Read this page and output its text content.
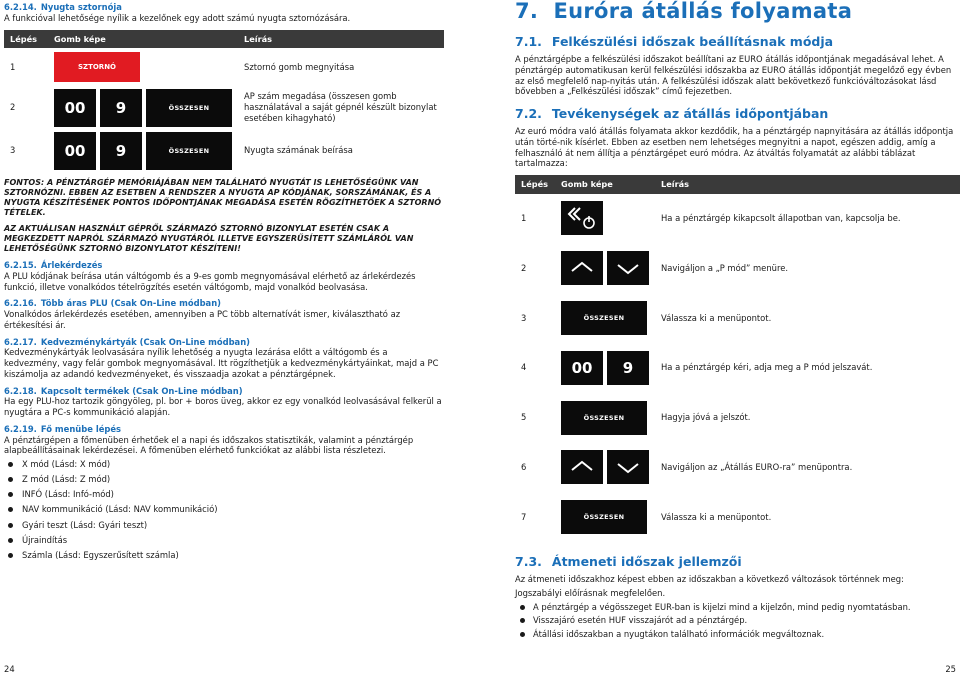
6.2.14. Nyugta sztornója

A funkcióval lehetősége nyílik a kezelőnek egy adott számú nyugta sztornózására.

Lépés	Gomb képe	Leírás
1	SZTORNÓ	Sztornó gomb megnyitása
2	00 9 ÖSSZESEN	AP szám megadása (összesen gomb használatával a saját gépnél készült bizonylat esetében kihagyható)
3	00 9 ÖSSZESEN	Nyugta számának beírása

FONTOS: A PÉNZTÁRGÉP MEMÓRIÁJÁBAN NEM TALÁLHATÓ NYUGTÁT IS LEHETŐSÉGÜNK VAN SZTORNÓZNI. EBBEN AZ ESETBEN A RENDSZER A NYUGTA AP KÓDJÁNAK, SORSZÁMÁNAK, ÉS A NYUGTA KÉSZÍTÉSÉNEK PONTOS IDŐPONTJÁNAK MEGADÁSA ESETÉN RÖGZÍTHETŐEK A SZTORNÓ TÉTELEK.

AZ AKTUÁLISAN HASZNÁLT GÉPRŐL SZÁRMAZÓ SZTORNÓ BIZONYLAT ESETÉN CSAK A MEGKEZDETT NAPRÓL SZÁRMAZÓ NYUGTÁRÓL ILLETVE EGYSZERŰSÍTETT SZÁMLÁRÓL VAN LEHETŐSÉGÜNK SZTORNÓ BIZONYLATOT KÉSZÍTENI!

6.2.15. Árlekérdezés

A PLU kódjának beírása után váltógomb és a 9-es gomb megnyomásával elérhető az árlekérdezés funkció, illetve vonalkódos tételrögzítés esetén váltógomb, majd vonalkód beolvasása.

6.2.16. Több áras PLU (Csak On-Line módban)

Vonalkódos árlekérdezés esetében, amennyiben a PC több alternatívát ismer, kiválasztható az értékesítési ár.

6.2.17. Kedvezménykártyák (Csak On-Line módban)

Kedvezménykártyák leolvasására nyílik lehetőség a nyugta lezárása előtt a váltógomb és a kedvezmény, vagy felár gombok megnyomásával. Itt rögzíthetjük a kedvezménykártyáinkat, majd a PC kiszámolja az adandó kedvezményeket, és visszaadja azokat a pénztárgépnek.

6.2.18. Kapcsolt termékek (Csak On-Line módban)

Ha egy PLU-hoz tartozik göngyöleg, pl. bor + boros üveg, akkor ez egy vonalkód leolvasásával felkerül a nyugtára a PC-s kommunikáció alapján.

6.2.19. Fő menübe lépés

A pénztárgépen a főmenüben érhetőek el a napi és időszakos statisztikák, valamint a pénztárgép alapbeállításainak lekérdezései. A főmenüben elérhető funkciókat az alábbi lista részletezi.

X mód (Lásd: X mód)
Z mód (Lásd: Z mód)
INFÓ (Lásd: Infó-mód)
NAV kommunikáció (Lásd: NAV kommunikáció)
Gyári teszt (Lásd: Gyári teszt)
Újraindítás
Számla (Lásd: Egyszerűsített számla)
24
7. Euróra átállás folyamata
7.1. Felkészülési időszak beállításnak módja

A pénztárgépbe a felkészülési időszakot beállítani az EURO átállás időpontjának megadásával lehet. A pénztárgép automatikusan kerül felkészülési időszakba az EURO átállás időpontját megelőző egy évben az első megfelelő nap-nyitás után. A felkészülési időszak alatt bekövetkező funkcióváltozásokat lásd bővebben a „Felkészülési időszak” című fejezetben.

7.2. Tevékenységek az átállás időpontjában

Az euró módra való átállás folyamata akkor kezdődik, ha a pénztárgép napnyitására az átállás időpontja után törté-nik kísérlet. Ebben az esetben nem lehetséges megnyitni a napot, egészen addig, amíg a felhasználó át nem állítja a pénztárgépet euró módra. Az átváltás folyamatát az alábbi táblázat tartalmazza:

Lépés	Gomb képe	Leírás
1		Ha a pénztárgép kikapcsolt állapotban van, kapcsolja be.
2		Navigáljon a „P mód” menüre.
3	ÖSSZESEN	Válassza ki a menüpontot.
4	00 9	Ha a pénztárgép kéri, adja meg a P mód jelszavát.
5	ÖSSZESEN	Hagyja jóvá a jelszót.
6		Navigáljon az „Átállás EURO-ra” menüpontra.
7	ÖSSZESEN	Válassza ki a menüpontot.
7.3. Átmeneti időszak jellemzői

Az átmeneti időszakhoz képest ebben az időszakban a következő változások történnek meg:

Jogszabályi előírásnak megfelelően.

A pénztárgép a végösszeget EUR-ban is kijelzi mind a kijelzőn, mind pedig nyomtatásban.
Visszajáró esetén HUF visszajárót ad a pénztárgép.
Átállási időszakban a nyugtákon található információk megváltoznak.
25
